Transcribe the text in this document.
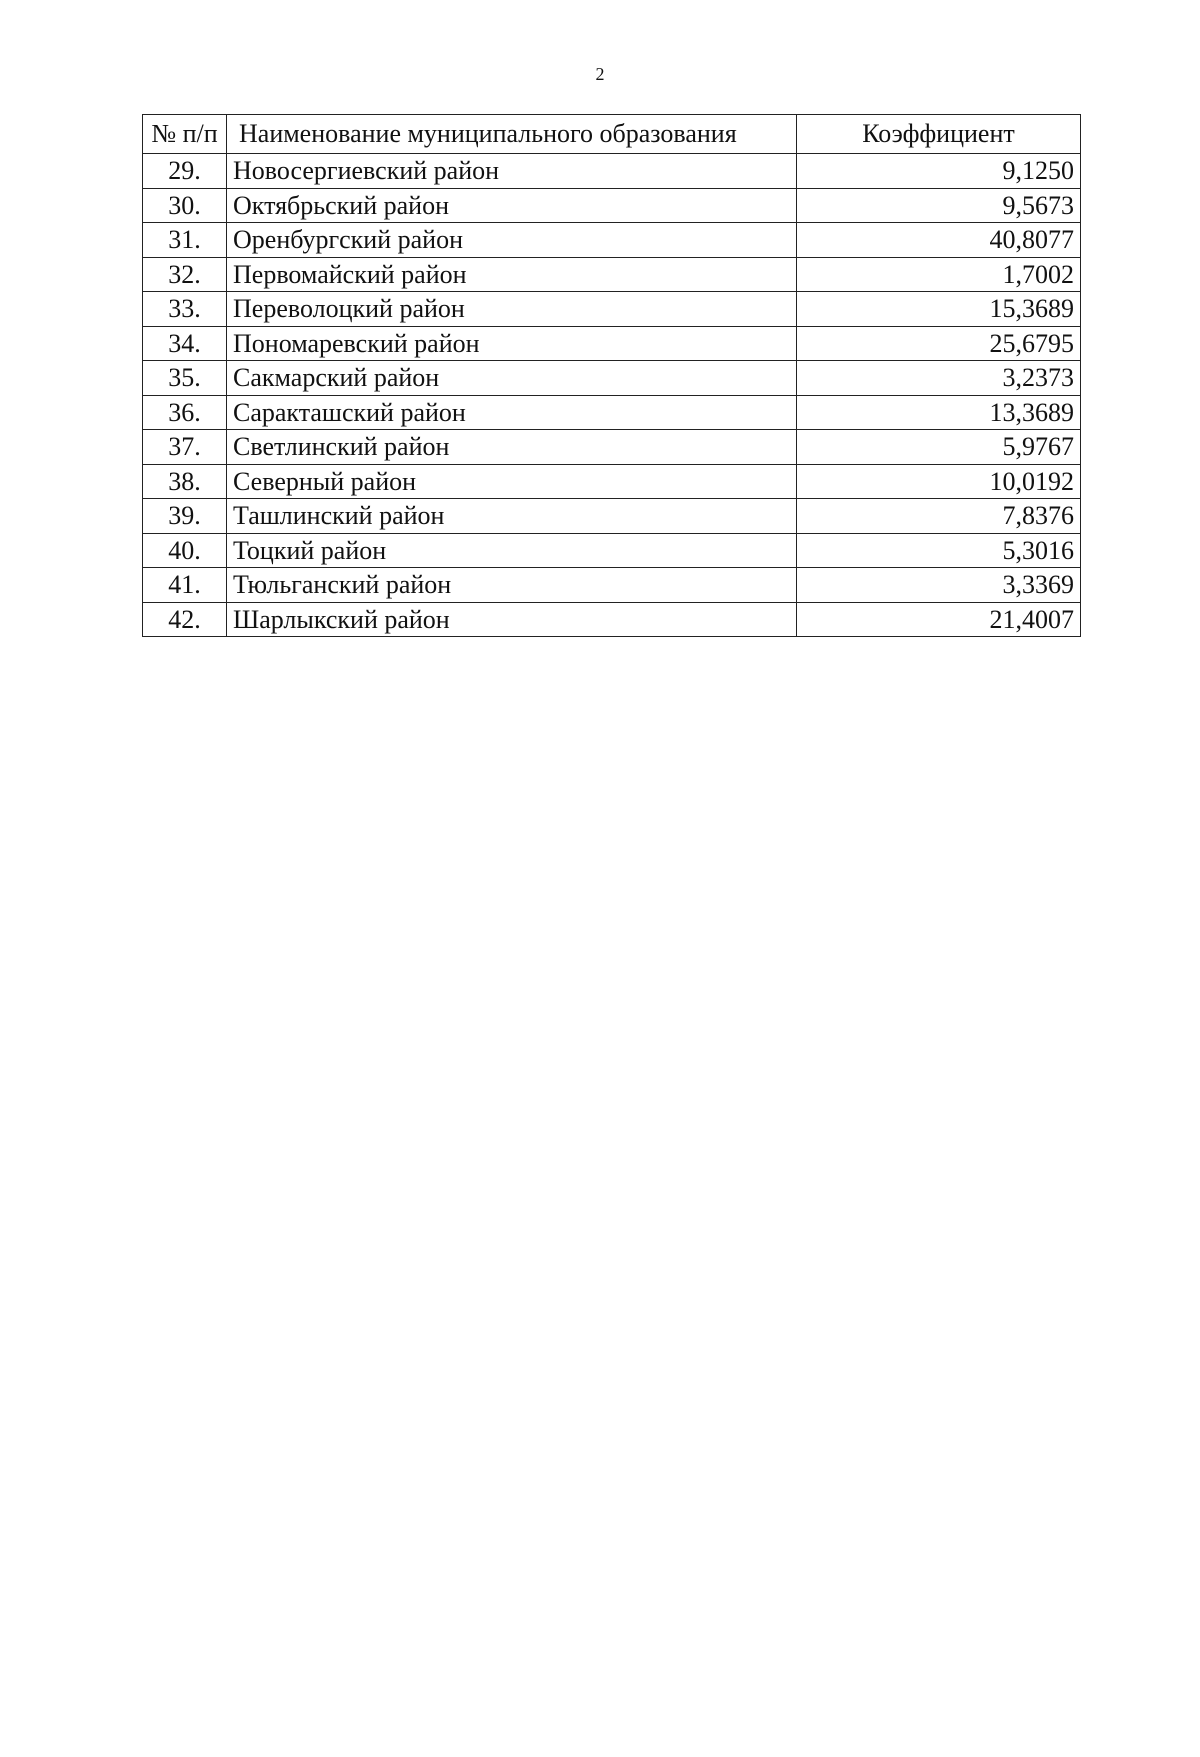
2
№ п/п	Наименование муниципального образования	Коэффициент
29.	Новосергиевский район	9,1250
30.	Октябрьский район	9,5673
31.	Оренбургский район	40,8077
32.	Первомайский район	1,7002
33.	Переволоцкий район	15,3689
34.	Пономаревский район	25,6795
35.	Сакмарский район	3,2373
36.	Саракташский район	13,3689
37.	Светлинский район	5,9767
38.	Северный район	10,0192
39.	Ташлинский район	7,8376
40.	Тоцкий район	5,3016
41.	Тюльганский район	3,3369
42.	Шарлыкский район	21,4007
